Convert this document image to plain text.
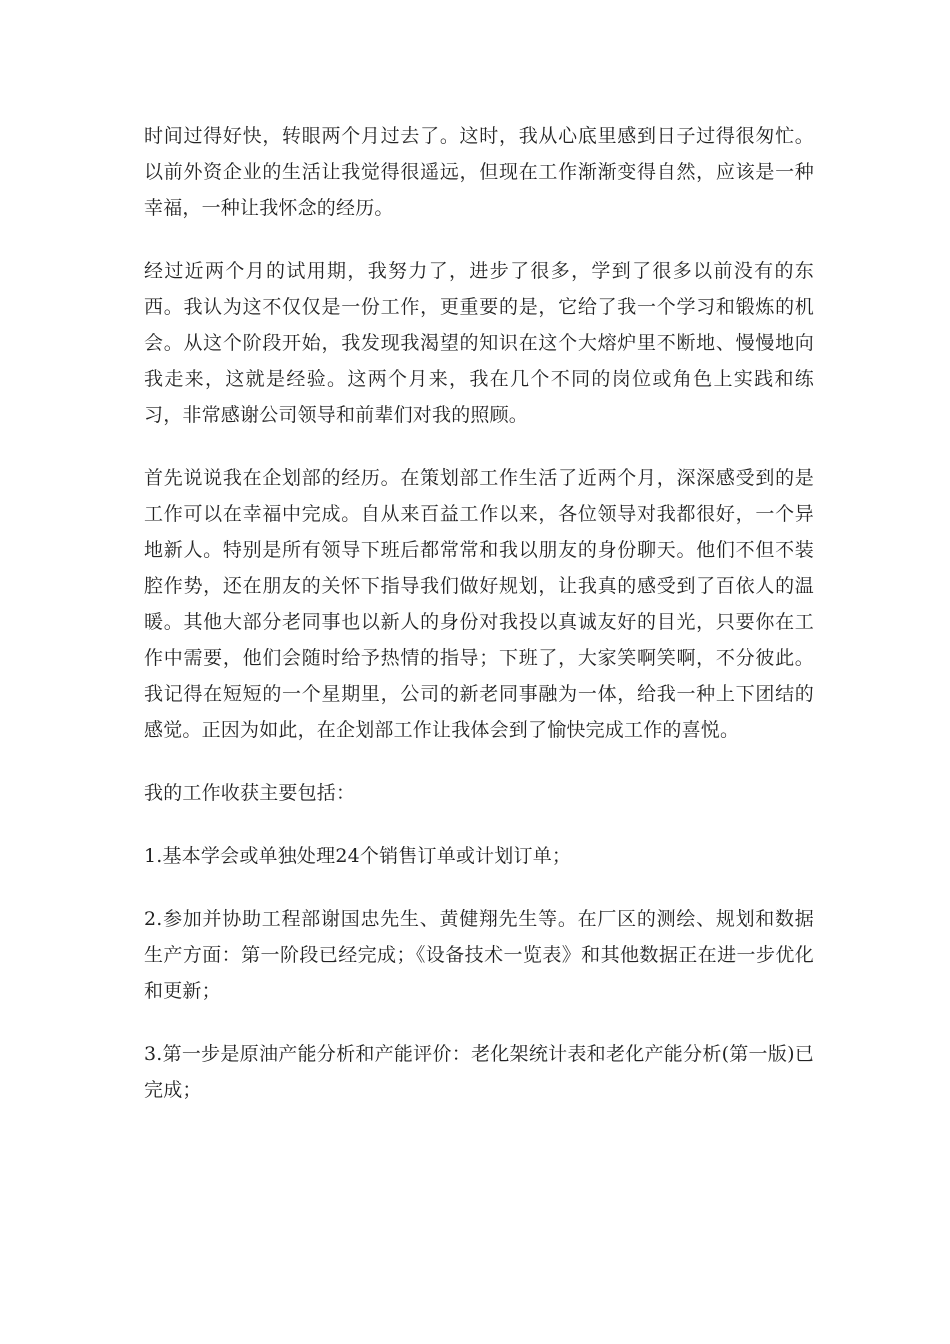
时间过得好快，转眼两个月过去了。这时，我从心底里感到日子过得很匆忙。以前外资企业的生活让我觉得很遥远，但现在工作渐渐变得自然，应该是一种幸福，一种让我怀念的经历。

经过近两个月的试用期，我努力了，进步了很多，学到了很多以前没有的东西。我认为这不仅仅是一份工作，更重要的是，它给了我一个学习和锻炼的机会。从这个阶段开始，我发现我渴望的知识在这个大熔炉里不断地、慢慢地向我走来，这就是经验。这两个月来，我在几个不同的岗位或角色上实践和练习，非常感谢公司领导和前辈们对我的照顾。

首先说说我在企划部的经历。在策划部工作生活了近两个月，深深感受到的是工作可以在幸福中完成。自从来百益工作以来，各位领导对我都很好，一个异地新人。特别是所有领导下班后都常常和我以朋友的身份聊天。他们不但不装腔作势，还在朋友的关怀下指导我们做好规划，让我真的感受到了百依人的温暖。其他大部分老同事也以新人的身份对我投以真诚友好的目光，只要你在工作中需要，他们会随时给予热情的指导；下班了，大家笑啊笑啊，不分彼此。我记得在短短的一个星期里，公司的新老同事融为一体，给我一种上下团结的感觉。正因为如此，在企划部工作让我体会到了愉快完成工作的喜悦。

我的工作收获主要包括：

1.基本学会或单独处理24个销售订单或计划订单；

2.参加并协助工程部谢国忠先生、黄健翔先生等。在厂区的测绘、规划和数据生产方面：第一阶段已经完成；《设备技术一览表》和其他数据正在进一步优化和更新；

3.第一步是原油产能分析和产能评价：老化架统计表和老化产能分析(第一版)已完成；
